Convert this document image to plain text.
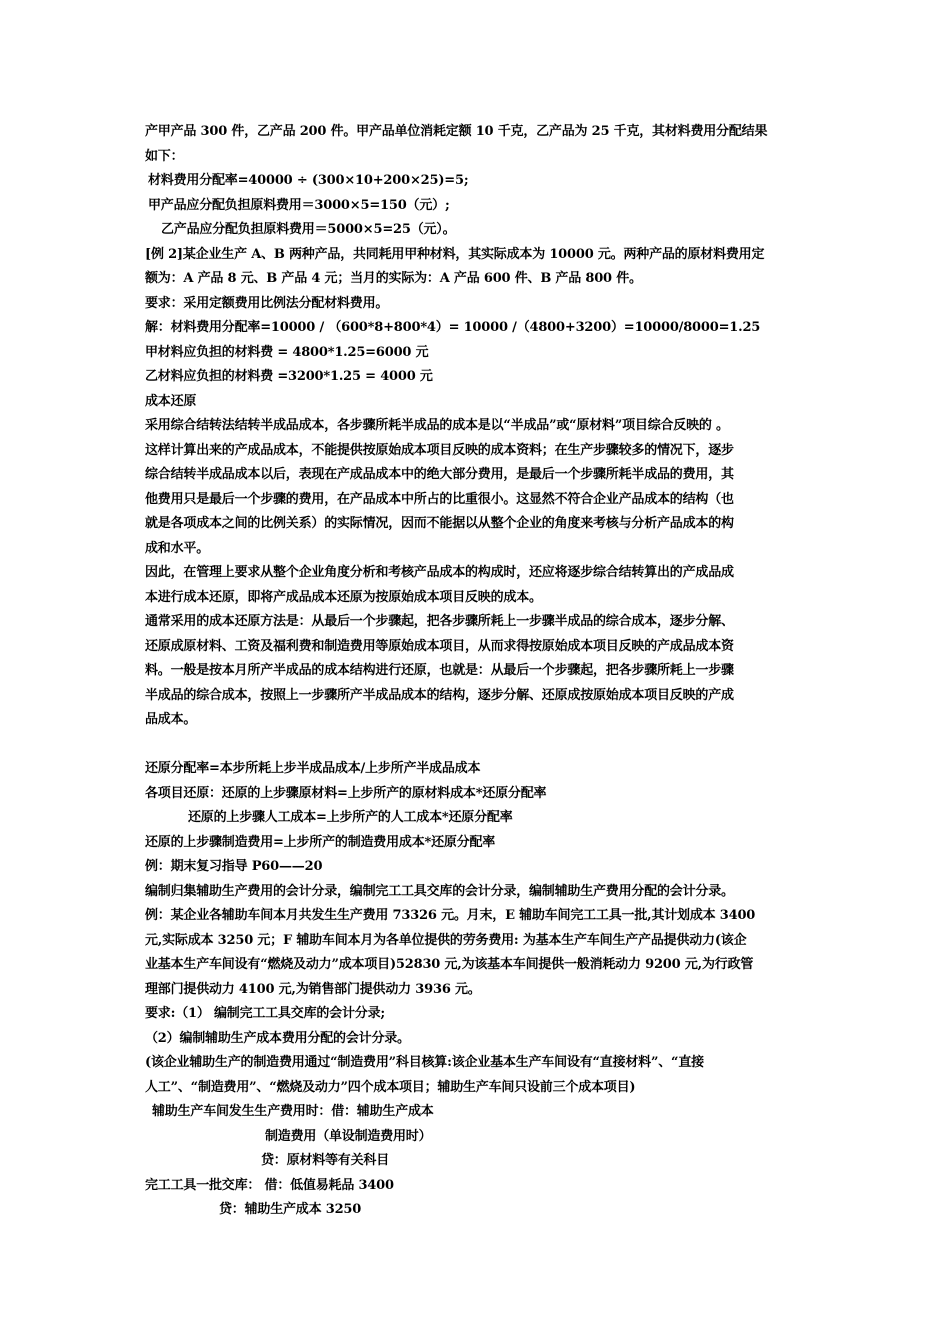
产甲产品 300 件，乙产品 200 件。甲产品单位消耗定额 10 千克，乙产品为 25 千克，其材料费用分配结果
如下：
材料费用分配率=40000 ÷ (300×10+200×25)=5;
甲产品应分配负担原料费用＝3000×5=150（元）;
乙产品应分配负担原料费用＝5000×5=25（元）。
[例 2]某企业生产 A、B 两种产品，共同耗用甲种材料，其实际成本为 10000 元。两种产品的原材料费用定
额为：A 产品 8 元、B 产品 4 元；当月的实际为：A 产品 600 件、B 产品 800 件。
要求：采用定额费用比例法分配材料费用。
解：材料费用分配率=10000 / （600*8+800*4）= 10000 /（4800+3200）=10000/8000=1.25
甲材料应负担的材料费 = 4800*1.25=6000 元
乙材料应负担的材料费 =3200*1.25 = 4000 元
成本还原
采用综合结转法结转半成品成本，各步骤所耗半成品的成本是以“半成品”或“原材料”项目综合反映的 。
这样计算出来的产成品成本，不能提供按原始成本项目反映的成本资料；在生产步骤较多的情况下，逐步
综合结转半成品成本以后，表现在产成品成本中的绝大部分费用，是最后一个步骤所耗半成品的费用，其
他费用只是最后一个步骤的费用，在产品成本中所占的比重很小。这显然不符合企业产品成本的结构（也
就是各项成本之间的比例关系）的实际情况，因而不能据以从整个企业的角度来考核与分析产品成本的构
成和水平。
因此，在管理上要求从整个企业角度分析和考核产品成本的构成时，还应将逐步综合结转算出的产成品成
本进行成本还原，即将产成品成本还原为按原始成本项目反映的成本。
通常采用的成本还原方法是：从最后一个步骤起，把各步骤所耗上一步骤半成品的综合成本，逐步分解、
还原成原材料、工资及福利费和制造费用等原始成本项目，从而求得按原始成本项目反映的产成品成本资
料。一般是按本月所产半成品的成本结构进行还原，也就是：从最后一个步骤起，把各步骤所耗上一步骤
半成品的综合成本，按照上一步骤所产半成品成本的结构，逐步分解、还原成按原始成本项目反映的产成
品成本。
还原分配率=本步所耗上步半成品成本/上步所产半成品成本
各项目还原：还原的上步骤原材料=上步所产的原材料成本*还原分配率
还原的上步骤人工成本=上步所产的人工成本*还原分配率
还原的上步骤制造费用=上步所产的制造费用成本*还原分配率
例：期末复习指导 P60——20
编制归集辅助生产费用的会计分录，编制完工工具交库的会计分录，编制辅助生产费用分配的会计分录。
例：某企业各辅助车间本月共发生生产费用 73326 元。月末，E 辅助车间完工工具一批,其计划成本 3400
元,实际成本 3250 元；F 辅助车间本月为各单位提供的劳务费用: 为基本生产车间生产产品提供动力(该企
业基本生产车间设有“燃烧及动力”成本项目)52830 元,为该基本车间提供一般消耗动力 9200 元,为行政管
理部门提供动力 4100 元,为销售部门提供动力 3936 元。
要求:（1） 编制完工工具交库的会计分录;
（2）编制辅助生产成本费用分配的会计分录。
(该企业辅助生产的制造费用通过“制造费用”科目核算:该企业基本生产车间设有“直接材料”、“直接
人工”、“制造费用”、“燃烧及动力”四个成本项目；辅助生产车间只设前三个成本项目)
辅助生产车间发生生产费用时：借：辅助生产成本
制造费用（单设制造费用时）
贷：原材料等有关科目
完工工具一批交库： 借：低值易耗品 3400
贷：辅助生产成本 3250
